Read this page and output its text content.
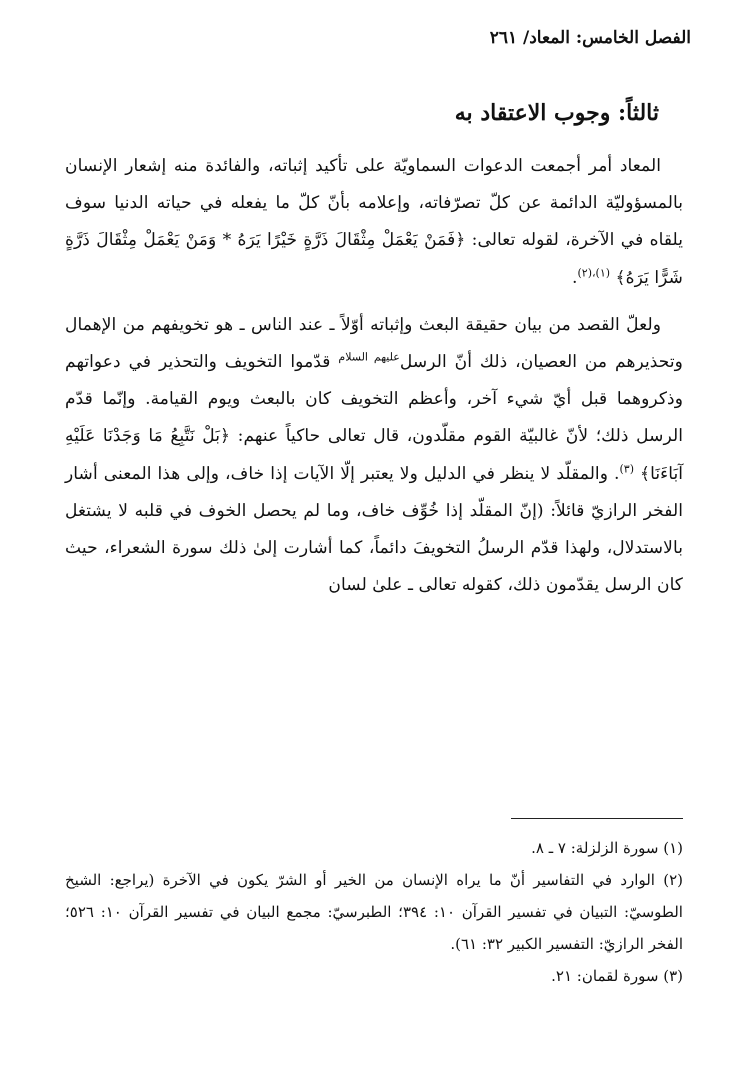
الفصل الخامس: المعاد/ ٢٦١
ثالثاً: وجوب الاعتقاد به

المعاد أمر أجمعت الدعوات السماويّة على تأكيد إثباته، والفائدة منه إشعار الإنسان بالمسؤوليّة الدائمة عن كلّ تصرّفاته، وإعلامه بأنّ كلّ ما يفعله في حياته الدنيا سوف يلقاه في الآخرة، لقوله تعالى: ﴿فَمَنْ يَعْمَلْ مِثْقَالَ ذَرَّةٍ خَيْرًا يَرَهُ * وَمَنْ يَعْمَلْ مِثْقَالَ ذَرَّةٍ شَرًّا يَرَهُ﴾ $^{(١)،(٢)}$.

ولعلّ القصد من بيان حقيقة البعث وإثباته أوّلاً ـ عند الناس ـ هو تخويفهم من الإهمال وتحذيرهم من العصيان، ذلك أنّ الرسل$^{ﻋﻠﻴﻬﻢ السلام}$ قدّموا التخويف والتحذير في دعواتهم وذكروهما قبل أيّ شيء آخر، وأعظم التخويف كان بالبعث ويوم القيامة. وإنّما قدّم الرسل ذلك؛ لأنّ غالبيّة القوم مقلّدون، قال تعالى حاكياً عنهم: ﴿بَلْ نَتَّبِعُ مَا وَجَدْنَا عَلَيْهِ آبَاءَنَا﴾ $^{(٣)}$. والمقلّد لا ينظر في الدليل ولا يعتبر إلّا الآيات إذا خاف، وإلى هذا المعنى أشار الفخر الرازيّ قائلاً: (إنّ المقلّد إذا خُوِّف خاف، وما لم يحصل الخوف في قلبه لا يشتغل بالاستدلال، ولهذا قدّم الرسلُ التخويفَ دائماً، كما أشارت إلىٰ ذلك سورة الشعراء، حيث كان الرسل يقدّمون ذلك، كقوله تعالى ـ علىٰ لسان

(١) سورة الزلزلة: ٧ ـ ٨.

(٢) الوارد في التفاسير أنّ ما يراه الإنسان من الخير أو الشرّ يكون في الآخرة (يراجع: الشيخ الطوسيّ: التبيان في تفسير القرآن ١٠: ٣٩٤؛ الطبرسيّ: مجمع البيان في تفسير القرآن ١٠: ٥٢٦؛ الفخر الرازيّ: التفسير الكبير ٣٢: ٦١).

(٣) سورة لقمان: ٢١.
